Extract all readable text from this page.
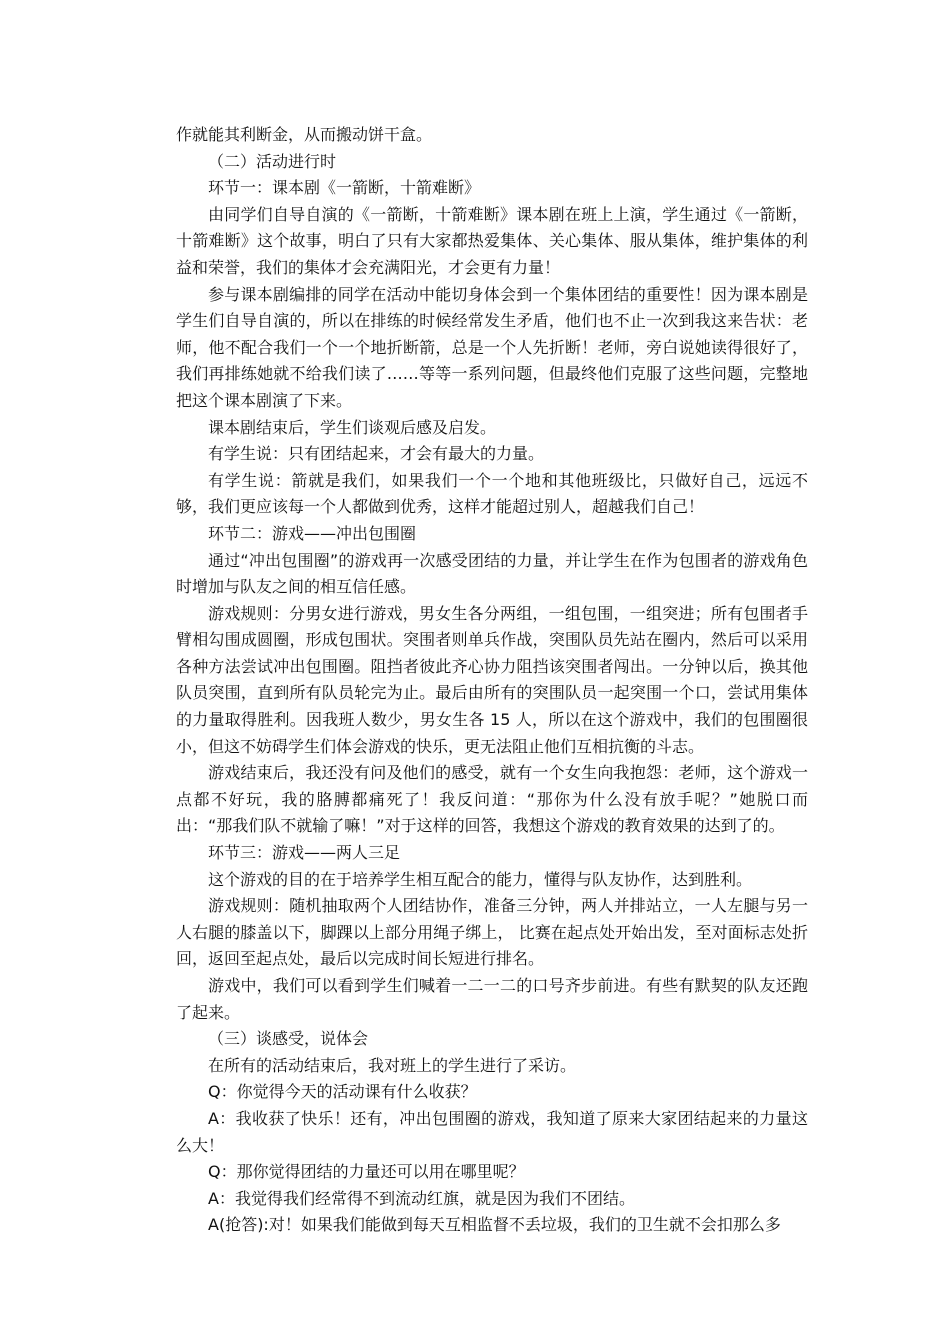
作就能其利断金，从而搬动饼干盒。

（二）活动进行时

环节一：课本剧《一箭断，十箭难断》

由同学们自导自演的《一箭断，十箭难断》课本剧在班上上演，学生通过《一箭断，十箭难断》这个故事，明白了只有大家都热爱集体、关心集体、服从集体，维护集体的利益和荣誉，我们的集体才会充满阳光，才会更有力量！

参与课本剧编排的同学在活动中能切身体会到一个集体团结的重要性！因为课本剧是学生们自导自演的，所以在排练的时候经常发生矛盾，他们也不止一次到我这来告状：老师，他不配合我们一个一个地折断箭，总是一个人先折断！老师，旁白说她读得很好了，我们再排练她就不给我们读了……等等一系列问题，但最终他们克服了这些问题，完整地把这个课本剧演了下来。

课本剧结束后，学生们谈观后感及启发。

有学生说：只有团结起来，才会有最大的力量。

有学生说：箭就是我们，如果我们一个一个地和其他班级比，只做好自己，远远不够，我们更应该每一个人都做到优秀，这样才能超过别人，超越我们自己！

环节二：游戏——冲出包围圈

通过“冲出包围圈”的游戏再一次感受团结的力量，并让学生在作为包围者的游戏角色时增加与队友之间的相互信任感。

游戏规则：分男女进行游戏，男女生各分两组，一组包围，一组突进；所有包围者手臂相勾围成圆圈，形成包围状。突围者则单兵作战，突围队员先站在圈内，然后可以采用各种方法尝试冲出包围圈。阻挡者彼此齐心协力阻挡该突围者闯出。一分钟以后，换其他队员突围，直到所有队员轮完为止。最后由所有的突围队员一起突围一个口，尝试用集体的力量取得胜利。因我班人数少，男女生各 15 人，所以在这个游戏中，我们的包围圈很小，但这不妨碍学生们体会游戏的快乐，更无法阻止他们互相抗衡的斗志。

游戏结束后，我还没有问及他们的感受，就有一个女生向我抱怨：老师，这个游戏一点都不好玩，我的胳膊都痛死了！我反问道：“那你为什么没有放手呢？”她脱口而出：“那我们队不就输了嘛！”对于这样的回答，我想这个游戏的教育效果的达到了的。

环节三：游戏——两人三足

这个游戏的目的在于培养学生相互配合的能力，懂得与队友协作，达到胜利。

游戏规则：随机抽取两个人团结协作，准备三分钟，两人并排站立，一人左腿与另一人右腿的膝盖以下，脚踝以上部分用绳子绑上， 比赛在起点处开始出发，至对面标志处折回，返回至起点处，最后以完成时间长短进行排名。

游戏中，我们可以看到学生们喊着一二一二的口号齐步前进。有些有默契的队友还跑了起来。

（三）谈感受，说体会

在所有的活动结束后，我对班上的学生进行了采访。

Q：你觉得今天的活动课有什么收获？

A：我收获了快乐！还有，冲出包围圈的游戏，我知道了原来大家团结起来的力量这么大！

Q：那你觉得团结的力量还可以用在哪里呢？

A：我觉得我们经常得不到流动红旗，就是因为我们不团结。

A(抢答):对！如果我们能做到每天互相监督不丢垃圾，我们的卫生就不会扣那么多
